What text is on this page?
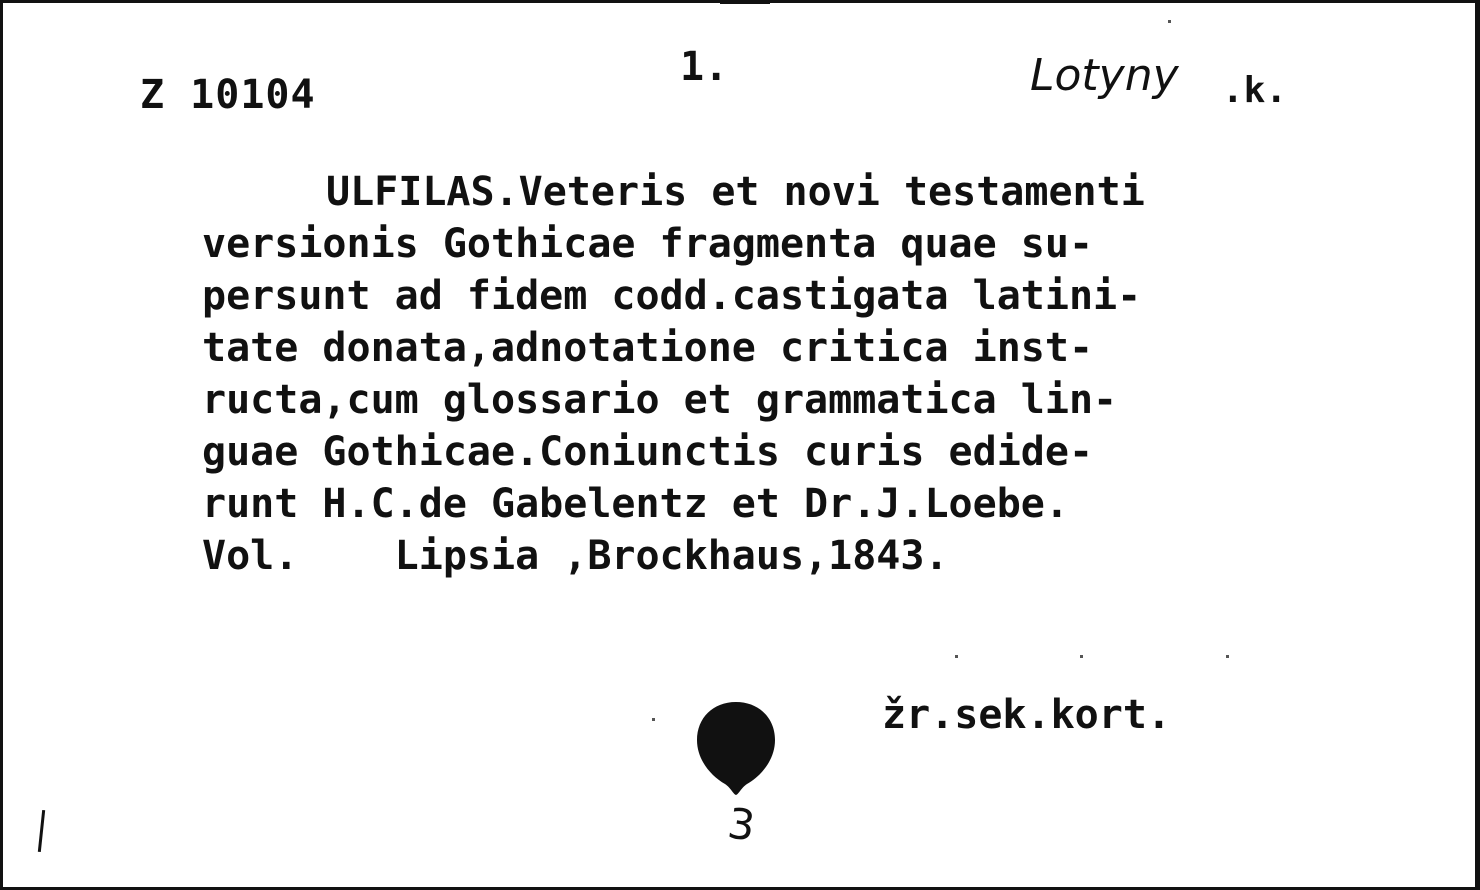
Z 10104
1.	Lotyny .k.
ULFILAS.Veteris et novi testamenti
versionis Gothicae fragmenta quae su-
persunt ad fidem codd.castigata latini-
tate donata,adnotatione critica inst-
ructa,cum glossario et grammatica lin-
guae Gothicae.Coniunctis curis edide-
runt H.C.de Gabelentz et Dr.J.Loebe.
Vol.    Lipsia ,Brockhaus,1843.
žr.sek.kort.
3
